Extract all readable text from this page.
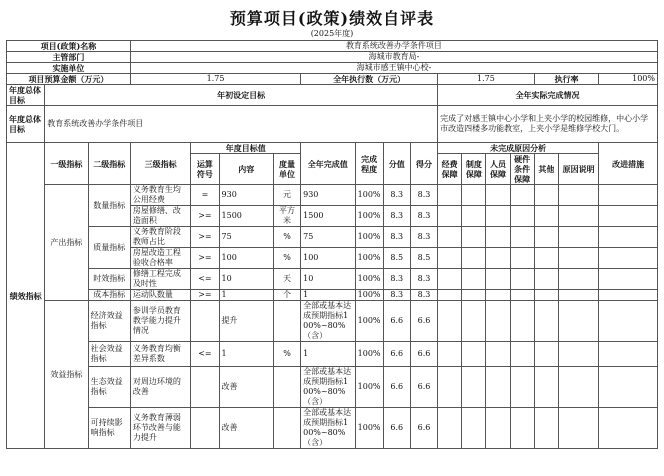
预算项目(政策)绩效自评表
(2025年度)
项目(政策)名称			教育系统改善办学条件项目														
主管部门			海城市教育局-														
实施单位			海城市感王镇中心校-														
项目预算金额（万元）			1.75				全年执行数（万元）				1.75				执行率		100%
年度总体目标	年初设定目标										全年实际完成情况						
年度总体目标	教育系统改善办学条件项目										完成了对感王镇中心小学和上夹小学的校园维修，中心小学市改造四楼多功能教室，上夹小学是维修学校大门。						
绩效指标	一级指标	二级指标	三级指标	年度目标值			全年完成值	完成程度	分值	得分	未完成原因分析						改进措施
				运算符号	内容	度量单位					经费保障	制度保障	人员保障	硬件条件保障	其他	原因说明	
	产出指标	数量指标	义务教育生均公用经费	=	930	元	930	100%	8.3	8.3							
			房屋修缮、改造面积	>=	1500	平方米	1500	100%	8.3	8.3							
		质量指标	义务教育阶段教师占比	>=	75	%	75	100%	8.3	8.3							
			房屋改造工程验收合格率	>=	100	%	100	100%	8.5	8.5							
		时效指标	修缮工程完成及时性	<=	10	天	10	100%	8.3	8.3							
		成本指标	运动队数量	>=	1	个	1	100%	8.3	8.3							
	效益指标	经济效益指标	参训学员教育教学能力提升情况		提升		全部或基本达成预期指标100%~80%（含）	100%	6.6	6.6							
		社会效益指标	义务教育均衡差异系数	<=	1	%	1	100%	6.6	6.6							
		生态效益指标	对周边环境的改善		改善		全部或基本达成预期指标100%~80%（含）	100%	6.6	6.6							
		可持续影响指标	义务教育薄弱环节改善与能力提升		改善		全部或基本达成预期指标100%~80%（含）	100%	6.6	6.6							
